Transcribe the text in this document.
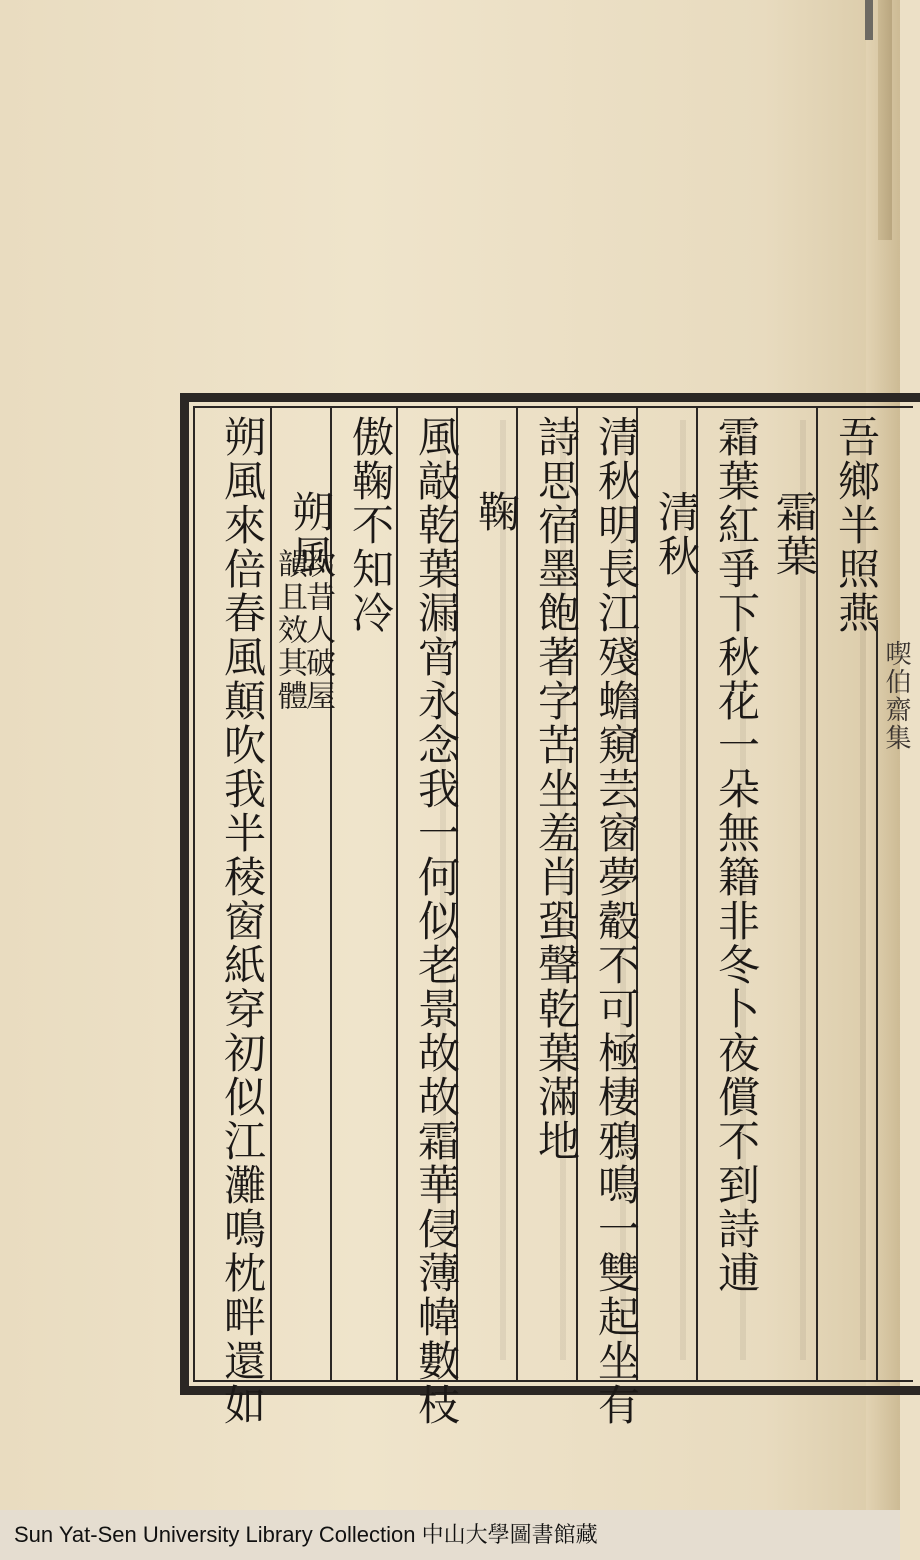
吾鄉半照燕
霜葉紅爭下秋花一朵無籍非冬卜夜償不到詩逋 霜葉
清秋
清秋明長江殘蟾窺芸窗夢觳不可極棲鴉鳴一雙起坐有
詩思宿墨飽著字苦坐羞肖蛩聲乾葉滿地
鞠
風敲乾葉漏宵永念我一何似老景故故霜華侵薄幃數枝
傲鞠不知冷
朔風
次昔人破屋
韻且效其體
朔風來倍春風顛吹我半稜窗紙穿初似江灘鳴枕畔還如	喫伯齋集
Sun Yat-Sen University Library Collection 中山大學圖書館藏
